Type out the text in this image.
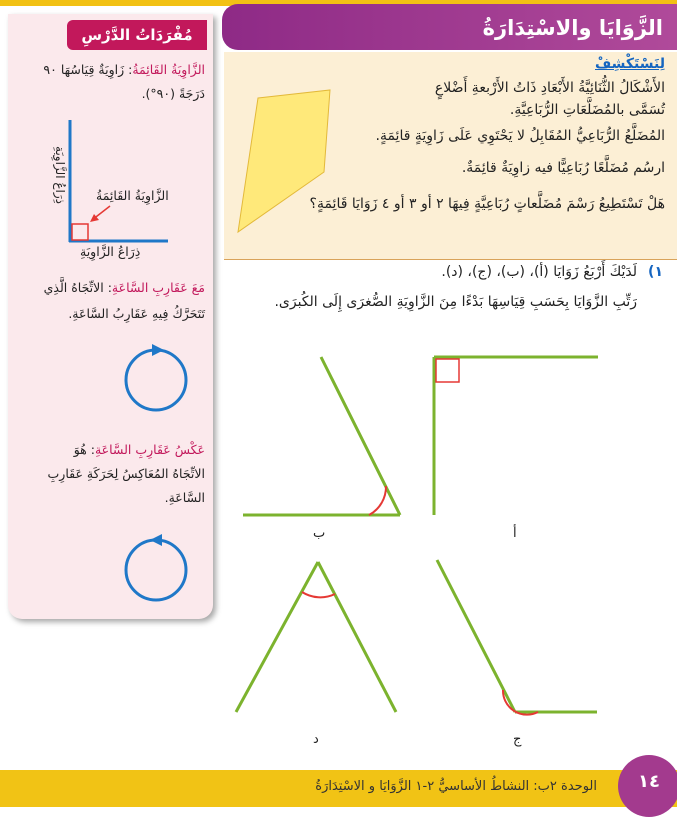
مُفْرَدَاتُ الدَّرْسِ
الزَّاوِيَةُ القَائِمَةُ: زَاوِيَةٌ قِيَاسُهَا ٩٠
دَرَجَةً (٩٠°).
ذِرَاعُ الزَّاوِيَةِ الزَّاوِيَةُ القَائِمَةُ
ذِرَاعُ الزَّاوِيَةِ
مَعَ عَقَارِبِ السَّاعَةِ: الاتِّجَاهُ الَّذِي
تَتَحَرَّكُ فِيهِ عَقَارِبُ السَّاعَةِ.
عَكْسُ عَقَارِبِ السَّاعَةِ: هُوَ
الاتِّجَاهُ المُعَاكِسُ لِحَرَكَةِ عَقَارِبِ
السَّاعَةِ.
الزَّوَايَا والاسْتِدَارَةُ
لِنَسْتَكْشِفْ
الأَشْكَالُ الثُّنَائِيَّةُ الأَبْعَادِ ذَاتُ الأَرْبعةِ أَضْلاعٍ
تُسَمَّى بالمُضَلَّعَاتِ الرُّبَاعِيَّةِ.
المُضَلَّعُ الرُّبَاعِيُّ المُقَابِلُ لا يَحْتَوِي عَلَى زَاوِيَةٍ قائِمَةٍ.
ارسُم مُضَلَّعًا رُبَاعِيًّا فيه زاوِيَةٌ قائِمَةٌ.
هَلْ تَسْتَطِيعُ رَسْمَ مُضَلَّعاتٍ رُبَاعِيَّةٍ فِيهَا ٢ أو ٣ أو ٤ زَوَايَا قَائِمَةٍ؟
١)
لَدَيْكَ أَرْبَعُ زَوَايَا (أ)، (ب)، (ج)، (د).
رَتِّبِ الزَّوَايَا بِحَسَبِ قِيَاسِهَا بَدْءًا مِنَ الزَّاوِيَةِ الصُّغرَى إِلَى الكُبرَى.
ب	أ
د	ج
الوحدة ٢ب: النشاطُ الأساسيُّ ٢-١ الزَّوَايَا و الاسْتِدَارَةُ	١٤
